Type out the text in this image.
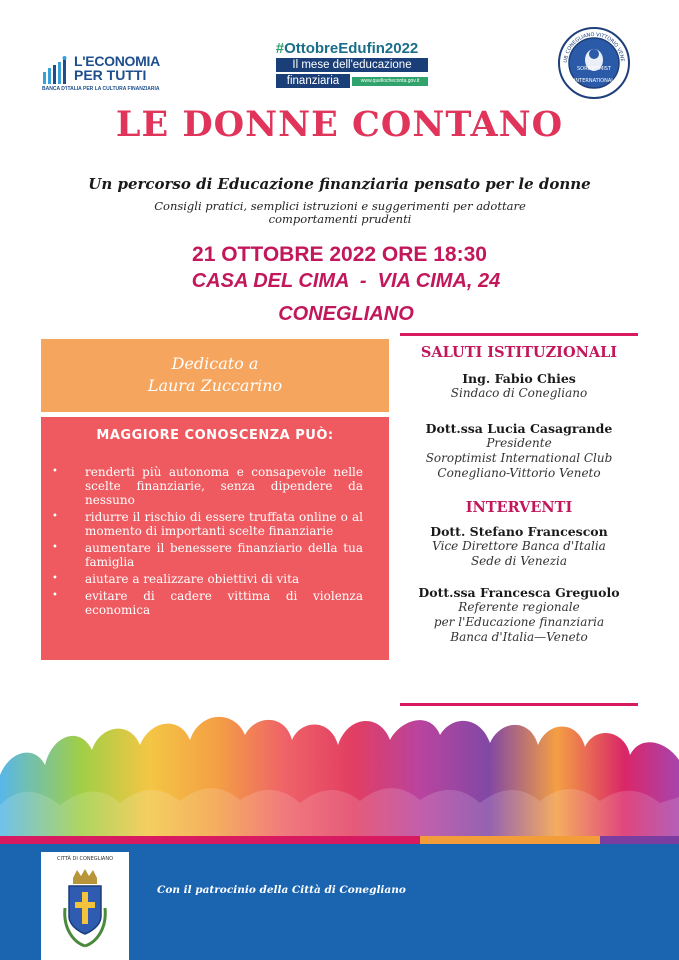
L'ECONOMIA
PER TUTTI
BANCA D'ITALIA PER LA CULTURA FINANZIARIA
#OttobreEdufin2022
Il mese dell'educazione
finanziaria	www.quellocheconta.gov.it
UB CONEGLIANO VITTORIO VENE
SOROPTIMIST
INTERNATIONAL
LE DONNE CONTANO
Un percorso di Educazione finanziaria pensato per le donne
Consigli pratici, semplici istruzioni e suggerimenti per adottare comportamenti prudenti
21 OTTOBRE 2022 ORE 18:30
CASA DEL CIMA  -  VIA CIMA, 24
CONEGLIANO
Dedicato a
Laura Zuccarino
MAGGIORE CONOSCENZA PUÒ:
• renderti più autonoma e consapevole nelle scelte finanziarie, senza dipendere da nessuno
• ridurre il rischio di essere truffata online o al momento di importanti scelte finanziarie
• aumentare il benessere finanziario della tua famiglia
• aiutare a realizzare obiettivi di vita
• evitare di cadere vittima di violenza economica
SALUTI ISTITUZIONALI
Ing. Fabio Chies
Sindaco di Conegliano
Dott.ssa Lucia Casagrande
Presidente
Soroptimist International Club
Conegliano-Vittorio Veneto
INTERVENTI
Dott. Stefano Francescon
Vice Direttore Banca d'Italia
Sede di Venezia
Dott.ssa Francesca Greguolo
Referente regionale
per l'Educazione finanziaria
Banca d'Italia—Veneto
CITTÀ DI CONEGLIANO
Con il patrocinio della Città di Conegliano
